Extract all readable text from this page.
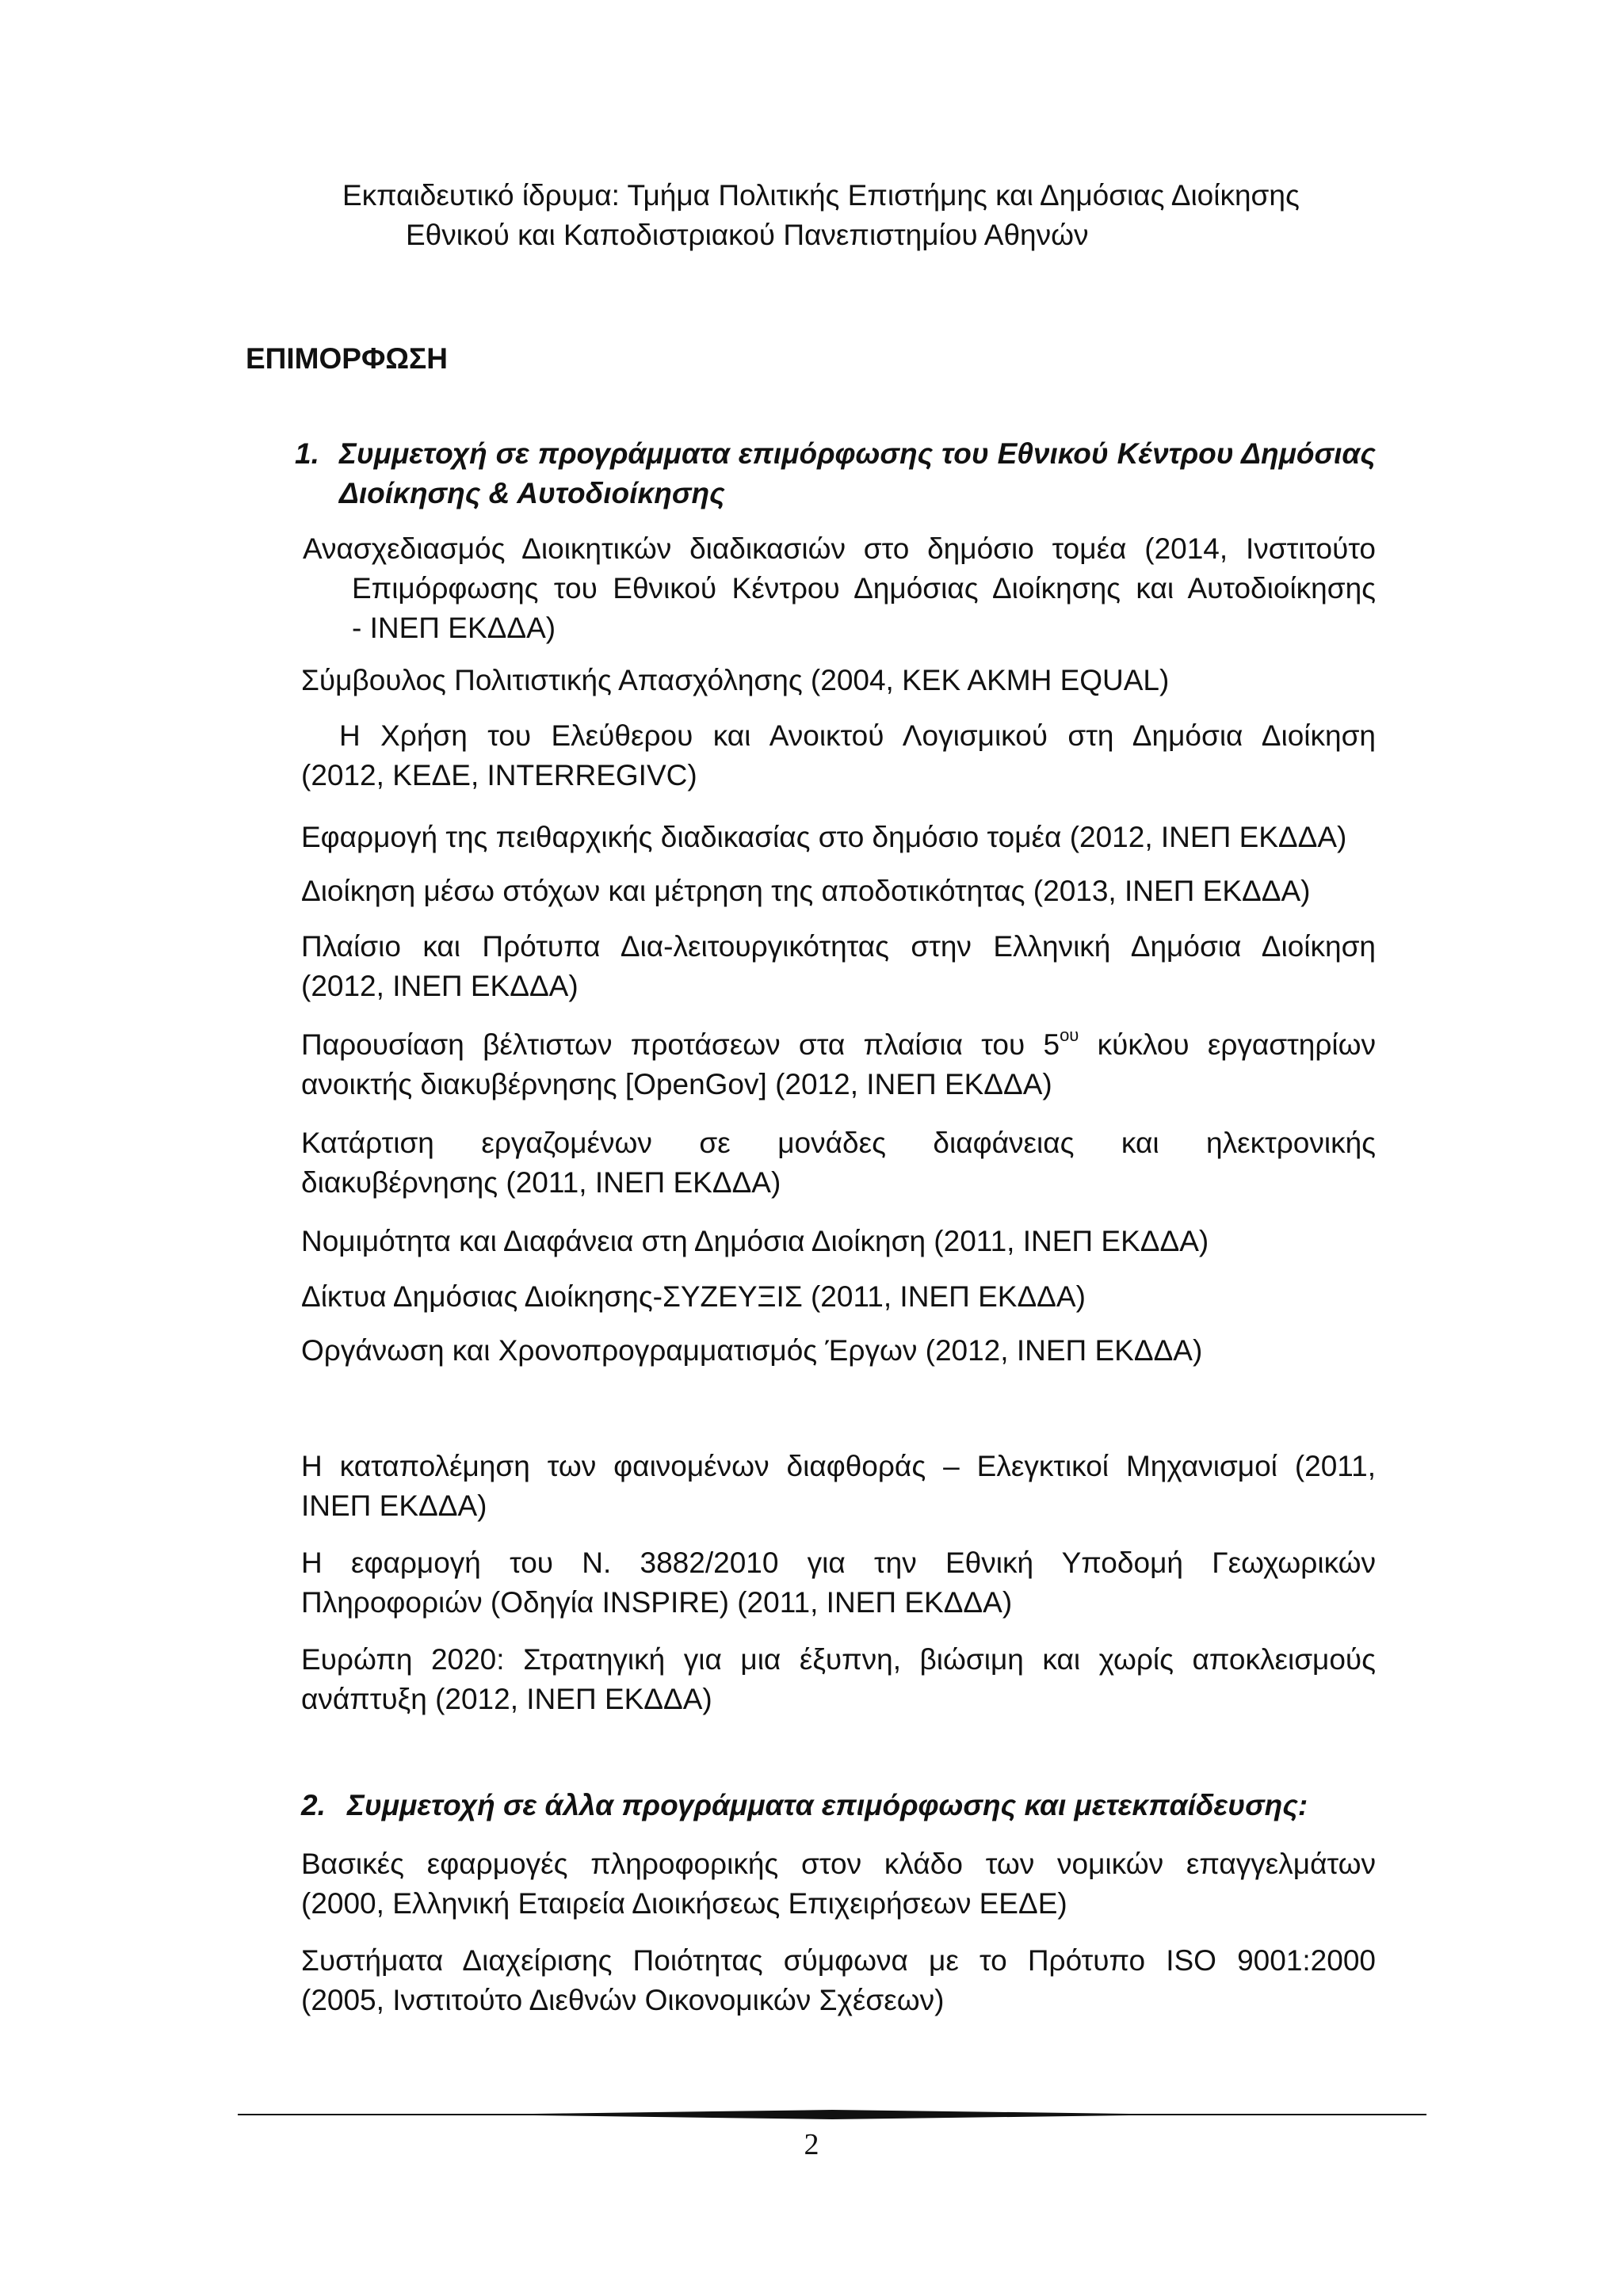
Εκπαιδευτικό ίδρυμα: Τμήμα Πολιτικής Επιστήμης και Δημόσιας Διοίκησης
Εθνικού και Καποδιστριακού Πανεπιστημίου Αθηνών
ΕΠΙΜΟΡΦΩΣΗ
1. Συμμετοχή σε προγράμματα επιμόρφωσης του Εθνικού Κέντρου Δημόσιας
Διοίκησης & Αυτοδιοίκησης
Ανασχεδιασμός Διοικητικών διαδικασιών στο δημόσιο τομέα (2014, Ινστιτούτο
Επιμόρφωσης του Εθνικού Κέντρου Δημόσιας Διοίκησης και Αυτοδιοίκησης
- ΙΝΕΠ ΕΚΔΔΑ)
Σύμβουλος Πολιτιστικής Απασχόλησης (2004, ΚΕΚ ΑΚΜΗ EQUAL)
Η Χρήση του Ελεύθερου και Ανοικτού Λογισμικού στη Δημόσια Διοίκηση
(2012, ΚΕΔΕ, INTERREGIVC)
Εφαρμογή της πειθαρχικής διαδικασίας στο δημόσιο τομέα (2012, ΙΝΕΠ ΕΚΔΔΑ)
Διοίκηση μέσω στόχων και μέτρηση της αποδοτικότητας (2013, ΙΝΕΠ ΕΚΔΔΑ)
Πλαίσιο και Πρότυπα Δια-λειτουργικότητας στην Ελληνική Δημόσια Διοίκηση
(2012, ΙΝΕΠ ΕΚΔΔΑ)
Παρουσίαση βέλτιστων προτάσεων στα πλαίσια του $5^{o\upsilon}$ κύκλου εργαστηρίων
ανοικτής διακυβέρνησης [OpenGov] (2012, ΙΝΕΠ ΕΚΔΔΑ)
Κατάρτιση εργαζομένων σε μονάδες διαφάνειας και ηλεκτρονικής
διακυβέρνησης (2011, ΙΝΕΠ ΕΚΔΔΑ)
Νομιμότητα και Διαφάνεια στη Δημόσια Διοίκηση (2011, ΙΝΕΠ ΕΚΔΔΑ)
Δίκτυα Δημόσιας Διοίκησης-ΣΥΖΕΥΞΙΣ (2011, ΙΝΕΠ ΕΚΔΔΑ)
Οργάνωση και Χρονοπρογραμματισμός Έργων (2012, ΙΝΕΠ ΕΚΔΔΑ)
Η καταπολέμηση των φαινομένων διαφθοράς – Ελεγκτικοί Μηχανισμοί (2011,
ΙΝΕΠ ΕΚΔΔΑ)
Η εφαρμογή του Ν. 3882/2010 για την Εθνική Υποδομή Γεωχωρικών
Πληροφοριών (Οδηγία INSPIRE) (2011, ΙΝΕΠ ΕΚΔΔΑ)
Ευρώπη 2020: Στρατηγική για μια έξυπνη, βιώσιμη και χωρίς αποκλεισμούς
ανάπτυξη (2012, ΙΝΕΠ ΕΚΔΔΑ)
2. Συμμετοχή σε άλλα προγράμματα επιμόρφωσης και μετεκπαίδευσης:
Βασικές εφαρμογές πληροφορικής στον κλάδο των νομικών επαγγελμάτων
(2000, Ελληνική Εταιρεία Διοικήσεως Επιχειρήσεων ΕΕΔΕ)
Συστήματα Διαχείρισης Ποιότητας σύμφωνα με το Πρότυπο ISO 9001:2000
(2005, Ινστιτούτο Διεθνών Οικονομικών Σχέσεων)
2
